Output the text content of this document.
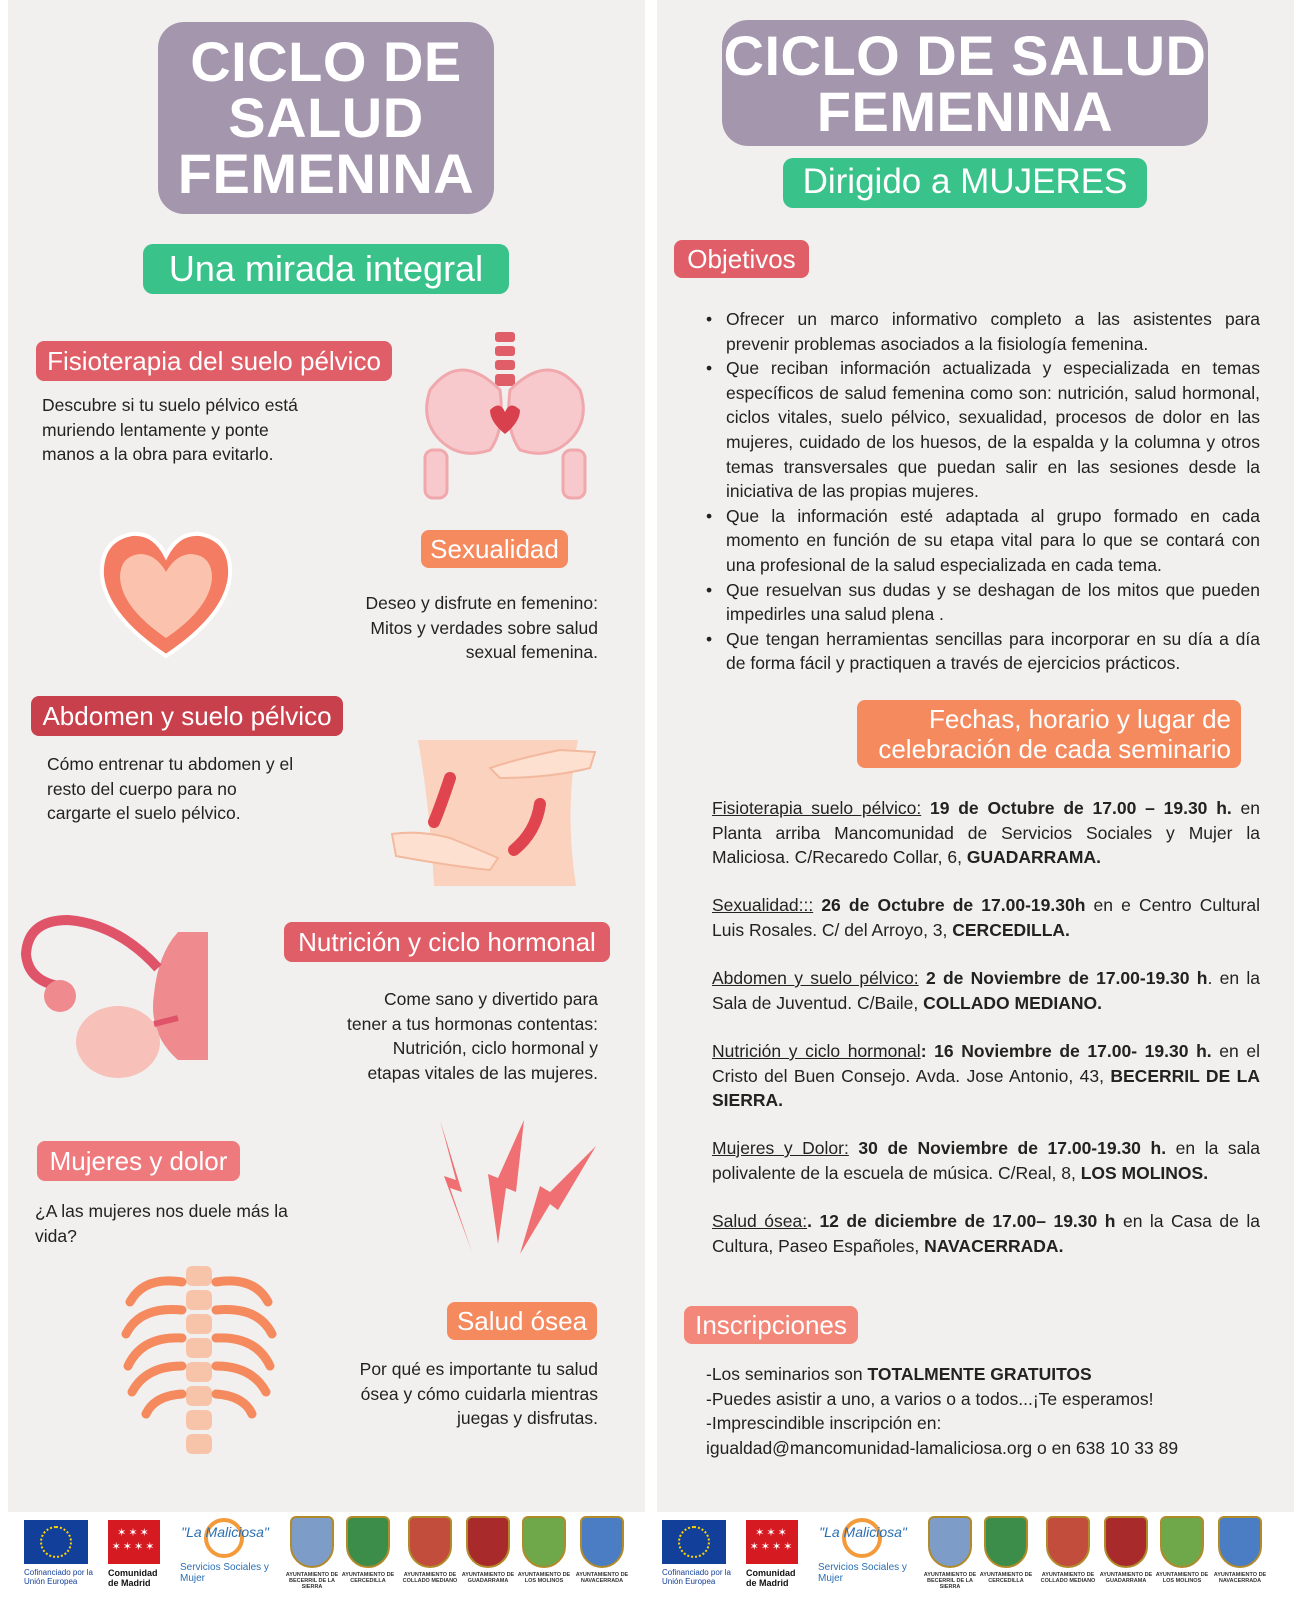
CICLO DE
SALUD
FEMENINA
Una mirada integral
Fisioterapia del suelo pélvico
Descubre si tu suelo pélvico está
muriendo lentamente y ponte
manos a la obra para evitarlo.
Sexualidad
Deseo y disfrute en femenino:
Mitos y verdades sobre salud
sexual femenina.
Abdomen y suelo pélvico
Cómo entrenar tu abdomen y el
resto del cuerpo para no
cargarte el suelo pélvico.
Nutrición y ciclo hormonal
Come sano y divertido para
tener a tus hormonas contentas:
Nutrición, ciclo hormonal y
etapas vitales de las mujeres.
Mujeres y dolor
¿A las mujeres nos duele más la
vida?
Salud ósea
Por qué es importante tu salud
ósea y cómo cuidarla mientras
juegas y disfrutas.
CICLO DE SALUD
FEMENINA
Dirigido a MUJERES
Objetivos
• Ofrecer un marco informativo completo a las asistentes para prevenir problemas asociados a la fisiología femenina.
• Que reciban información actualizada y especializada en temas específicos de salud femenina como son: nutrición, salud hormonal, ciclos vitales, suelo pélvico, sexualidad, procesos de dolor en las mujeres, cuidado de los huesos, de la espalda y la columna y otros temas transversales que puedan salir en las sesiones desde la iniciativa de las propias mujeres.
• Que la información esté adaptada al grupo formado en cada momento en función de su etapa vital para lo que se contará con una profesional de la salud especializada en cada tema.
• Que resuelvan sus dudas y se deshagan de los mitos que pueden impedirles una salud plena .
• Que tengan herramientas sencillas para incorporar en su día a día de forma fácil y practiquen a través de ejercicios prácticos.
Fechas, horario y lugar de
celebración de cada seminario
Fisioterapia suelo pélvico: 19 de Octubre de 17.00 – 19.30 h. en Planta arriba Mancomunidad de Servicios Sociales y Mujer la Maliciosa. C/Recaredo Collar, 6, GUADARRAMA.
Sexualidad::: 26 de Octubre de 17.00-19.30h en e Centro Cultural Luis Rosales. C/ del Arroyo, 3, CERCEDILLA.
Abdomen y suelo pélvico: 2 de Noviembre de 17.00-19.30 h. en la Sala de Juventud. C/Baile, COLLADO MEDIANO.
Nutrición y ciclo hormonal: 16 Noviembre de 17.00- 19.30 h. en el Cristo del Buen Consejo. Avda. Jose Antonio, 43, BECERRIL DE LA SIERRA.
Mujeres y Dolor: 30 de Noviembre de 17.00-19.30 h. en la sala polivalente de la escuela de música. C/Real, 8, LOS MOLINOS.
Salud ósea:. 12 de diciembre de 17.00– 19.30 h en la Casa de la Cultura, Paseo Españoles, NAVACERRADA.
Inscripciones
-Los seminarios son TOTALMENTE GRATUITOS
-Puedes asistir a uno, a varios o a todos...¡Te esperamos!
-Imprescindible inscripción en:
igualdad@mancomunidad-lamaliciosa.org o en 638 10 33 89
Cofinanciado por la Unión Europea
✶✶✶
✶✶✶✶
Comunidad
de Madrid
"La Maliciosa"
Servicios Sociales y Mujer	AYUNTAMIENTO DE BECERRIL DE LA SIERRA
AYUNTAMIENTO DE CERCEDILLA
AYUNTAMIENTO DE COLLADO MEDIANO
AYUNTAMIENTO DE GUADARRAMA
AYUNTAMIENTO DE LOS MOLINOS
AYUNTAMIENTO DE NAVACERRADA
Cofinanciado por la Unión Europea
✶✶✶
✶✶✶✶
Comunidad
de Madrid
"La Maliciosa"
Servicios Sociales y Mujer	AYUNTAMIENTO DE BECERRIL DE LA SIERRA
AYUNTAMIENTO DE CERCEDILLA
AYUNTAMIENTO DE COLLADO MEDIANO
AYUNTAMIENTO DE GUADARRAMA
AYUNTAMIENTO DE LOS MOLINOS
AYUNTAMIENTO DE NAVACERRADA
